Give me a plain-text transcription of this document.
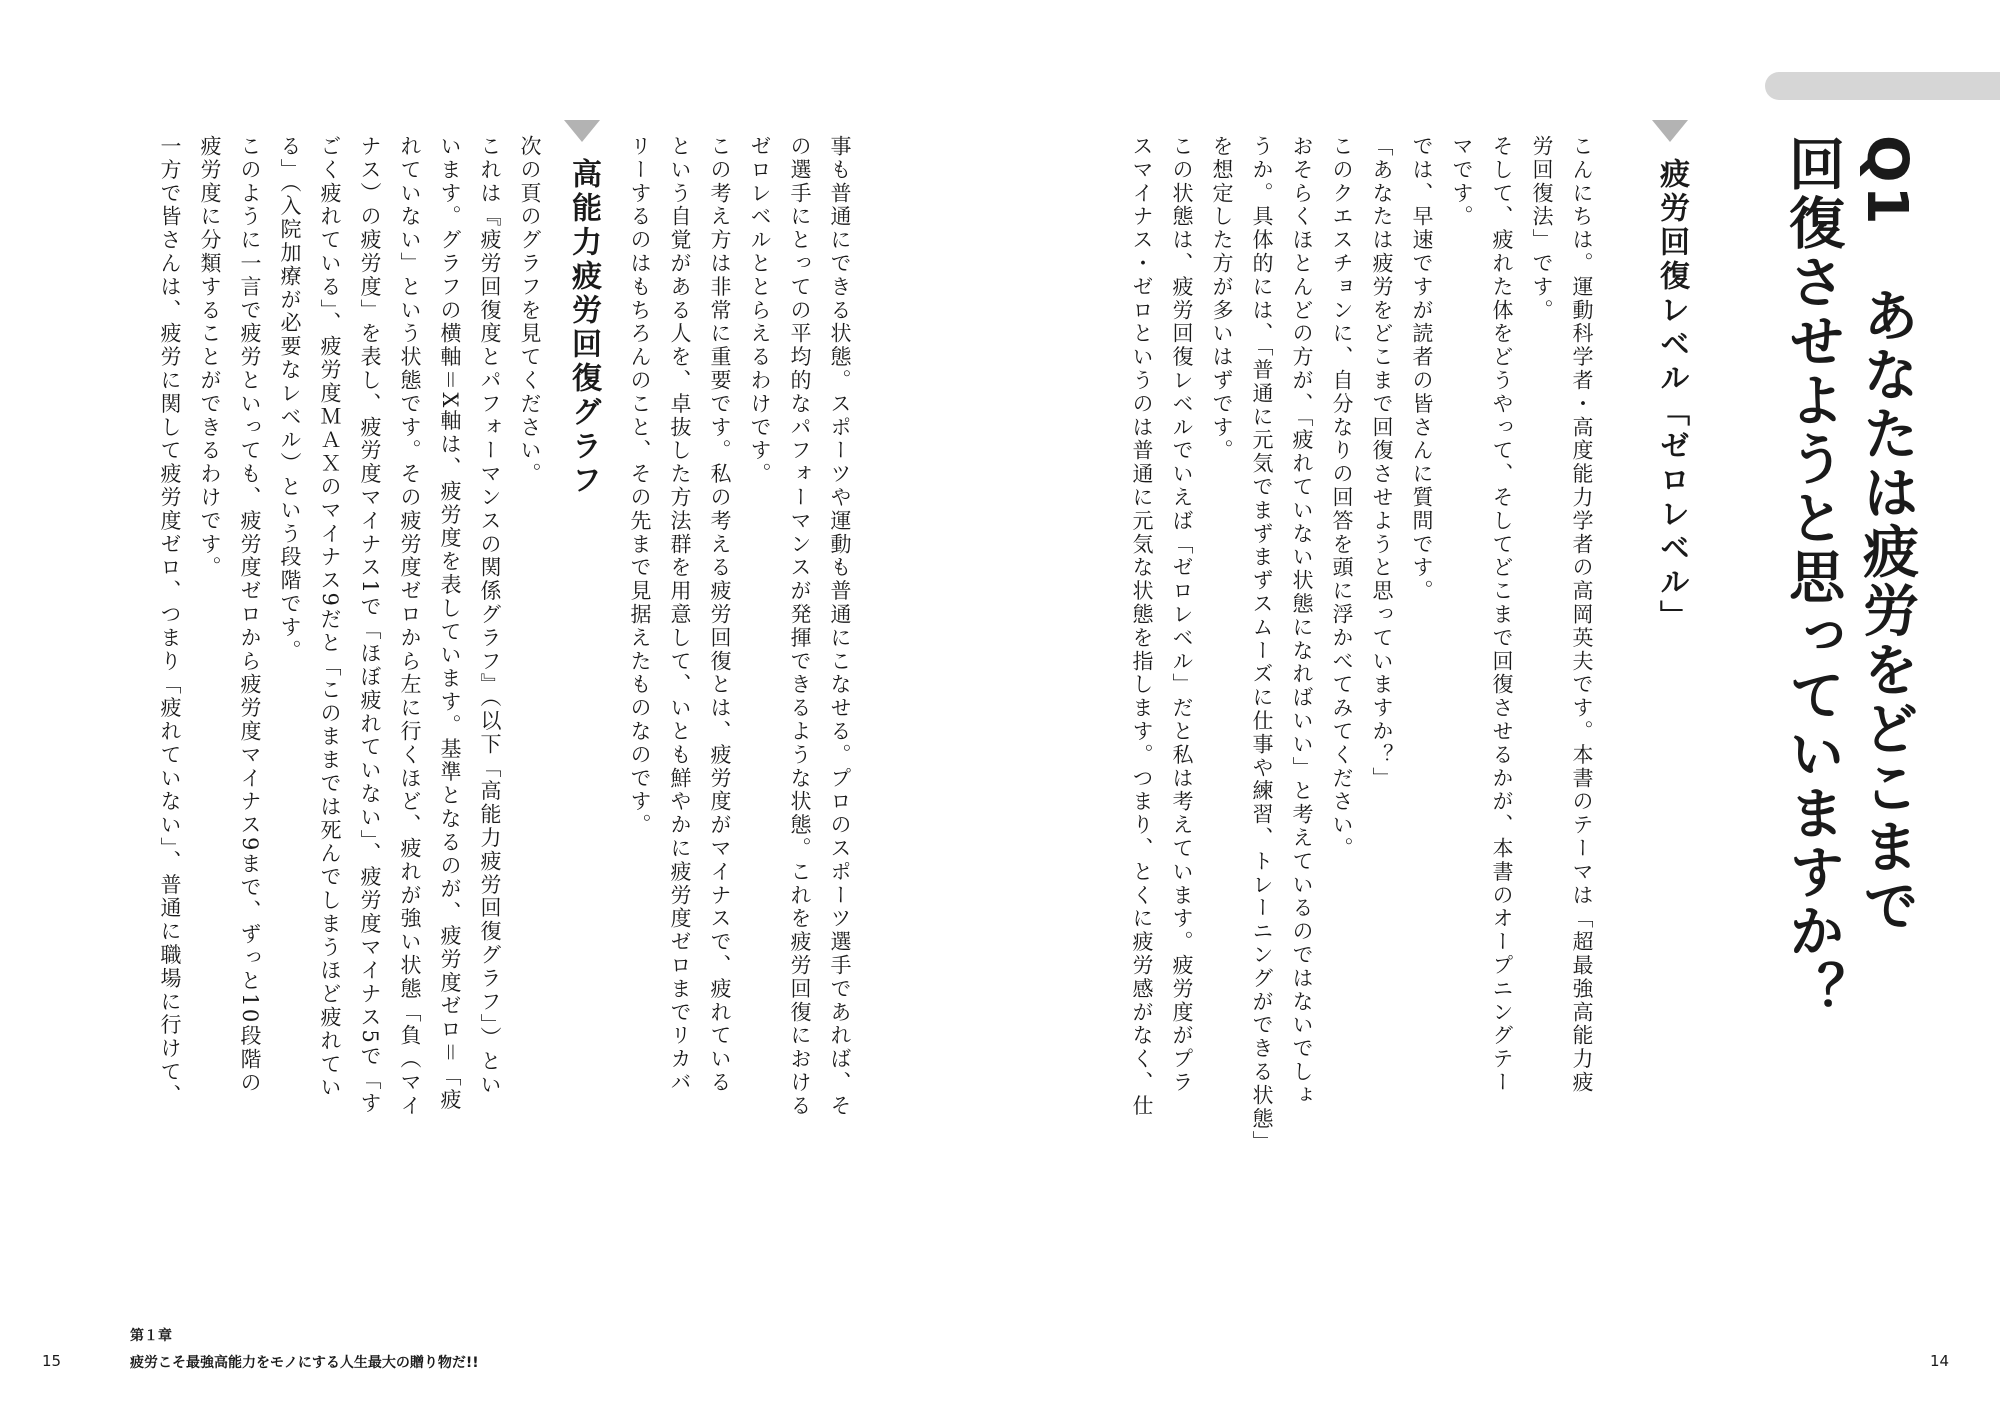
Q1　あなたは疲労をどこまで
回復させようと思っていますか？
疲労回復レベル「ゼロレベル」
こんにちは。運動科学者・高度能力学者の高岡英夫です。本書のテーマは「超最強高能力疲
労回復法」です。
そして、疲れた体をどうやって、そしてどこまで回復させるかが、本書のオープニングテー
マです。
では、早速ですが読者の皆さんに質問です。
「あなたは疲労をどこまで回復させようと思っていますか？」
このクエスチョンに、自分なりの回答を頭に浮かべてみてください。
おそらくほとんどの方が、「疲れていない状態になればいい」と考えているのではないでしょ
うか。具体的には、「普通に元気でまずまずスムーズに仕事や練習、トレーニングができる状態」
を想定した方が多いはずです。
この状態は、疲労回復レベルでいえば「ゼロレベル」だと私は考えています。疲労度がプラ
スマイナス・ゼロというのは普通に元気な状態を指します。つまり、とくに疲労感がなく、仕
事も普通にできる状態。スポーツや運動も普通にこなせる。プロのスポーツ選手であれば、そ
の選手にとっての平均的なパフォーマンスが発揮できるような状態。これを疲労回復における
ゼロレベルととらえるわけです。
この考え方は非常に重要です。私の考える疲労回復とは、疲労度がマイナスで、疲れている
という自覚がある人を、卓抜した方法群を用意して、いとも鮮やかに疲労度ゼロまでリカバ
リーするのはもちろんのこと、その先まで見据えたものなのです。
高能力疲労回復グラフ
次の頁のグラフを見てください。
これは『疲労回復度とパフォーマンスの関係グラフ』（以下「高能力疲労回復グラフ」）とい
います。グラフの横軸＝X軸は、疲労度を表しています。基準となるのが、疲労度ゼロ＝「疲
れていない」という状態です。その疲労度ゼロから左に行くほど、疲れが強い状態「負（マイ
ナス）の疲労度」を表し、疲労度マイナス1で「ほぼ疲れていない」、疲労度マイナス5で「す
ごく疲れている」、疲労度ＭＡＸのマイナス9だと「このままでは死んでしまうほど疲れてい
る」（入院加療が必要なレベル）という段階です。
このように一言で疲労といっても、疲労度ゼロから疲労度マイナス9まで、ずっと10段階の
疲労度に分類することができるわけです。
一方で皆さんは、疲労に関して疲労度ゼロ、つまり「疲れていない」、普通に職場に行けて、
15
第１章
疲労こそ最強高能力をモノにする人生最大の贈り物だ!!	14
